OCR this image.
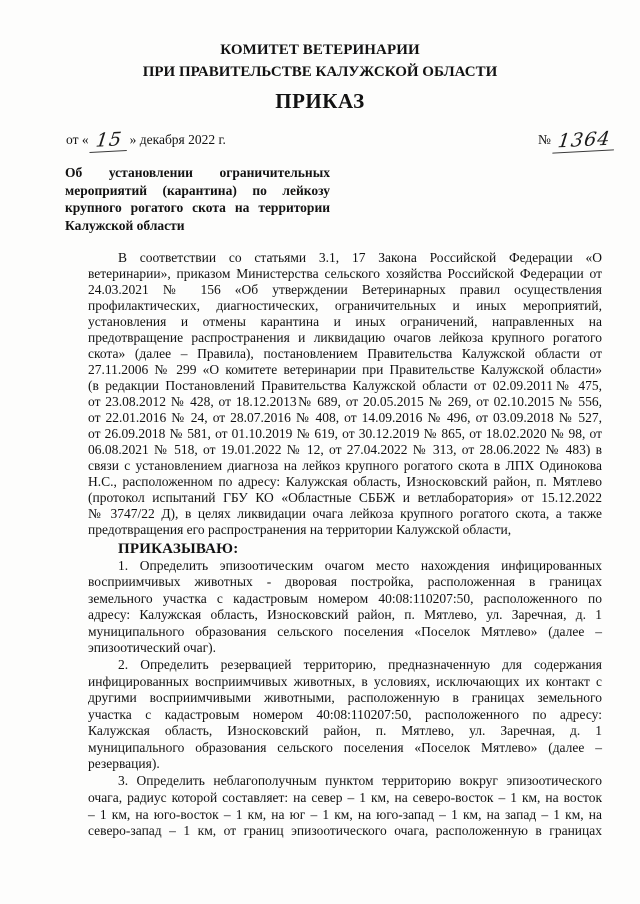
КОМИТЕТ ВЕТЕРИНАРИИ
ПРИ ПРАВИТЕЛЬСТВЕ КАЛУЖСКОЙ ОБЛАСТИ
ПРИКАЗ
от « 15 » декабря 2022 г.	№ 1364
Об установлении ограничительных
мероприятий (карантина) по лейкозу
крупного рогатого скота на территории
Калужской области
В соответствии со статьями 3.1, 17 Закона Российской Федерации «О
ветеринарии», приказом Министерства сельского хозяйства Российской Федерации от
24.03.2021 № 156 «Об утверждении Ветеринарных правил осуществления
профилактических, диагностических, ограничительных и иных мероприятий,
установления и отмены карантина и иных ограничений, направленных на
предотвращение распространения и ликвидацию очагов лейкоза крупного рогатого
скота» (далее – Правила), постановлением Правительства Калужской области от
27.11.2006 № 299 «О комитете ветеринарии при Правительстве Калужской области»
(в редакции Постановлений Правительства Калужской области от 02.09.2011№ 475,
от 23.08.2012 № 428, от 18.12.2013№ 689, от 20.05.2015 № 269, от 02.10.2015 № 556,
от 22.01.2016 № 24, от 28.07.2016 № 408, от 14.09.2016 № 496, от 03.09.2018 № 527,
от 26.09.2018 № 581, от 01.10.2019 № 619, от 30.12.2019 № 865, от 18.02.2020 № 98, от
06.08.2021 № 518, от 19.01.2022 № 12, от 27.04.2022 № 313, от 28.06.2022 № 483) в
связи с установлением диагноза на лейкоз крупного рогатого скота в ЛПХ Одинокова
Н.С., расположенном по адресу: Калужская область, Износковский район, п. Мятлево
(протокол испытаний ГБУ КО «Областные СББЖ и ветлаборатория» от 15.12.2022
№ 3747/22 Д), в целях ликвидации очага лейкоза крупного рогатого скота, а также
предотвращения его распространения на территории Калужской области,
ПРИКАЗЫВАЮ:
1. Определить эпизоотическим очагом место нахождения инфицированных
восприимчивых животных - дворовая постройка, расположенная в границах
земельного участка с кадастровым номером 40:08:110207:50, расположенного по
адресу: Калужская область, Износковский район, п. Мятлево, ул. Заречная, д. 1
муниципального образования сельского поселения «Поселок Мятлево» (далее –
эпизоотический очаг).
2. Определить резервацией территорию, предназначенную для содержания
инфицированных восприимчивых животных, в условиях, исключающих их контакт с
другими восприимчивыми животными, расположенную в границах земельного
участка с кадастровым номером 40:08:110207:50, расположенного по адресу:
Калужская область, Износковский район, п. Мятлево, ул. Заречная, д. 1
муниципального образования сельского поселения «Поселок Мятлево» (далее –
резервация).
3. Определить неблагополучным пунктом территорию вокруг эпизоотического
очага, радиус которой составляет: на север – 1 км, на северо-восток – 1 км, на восток
– 1 км, на юго-восток – 1 км, на юг – 1 км, на юго-запад – 1 км, на запад – 1 км, на
северо-запад – 1 км, от границ эпизоотического очага, расположенную в границах
